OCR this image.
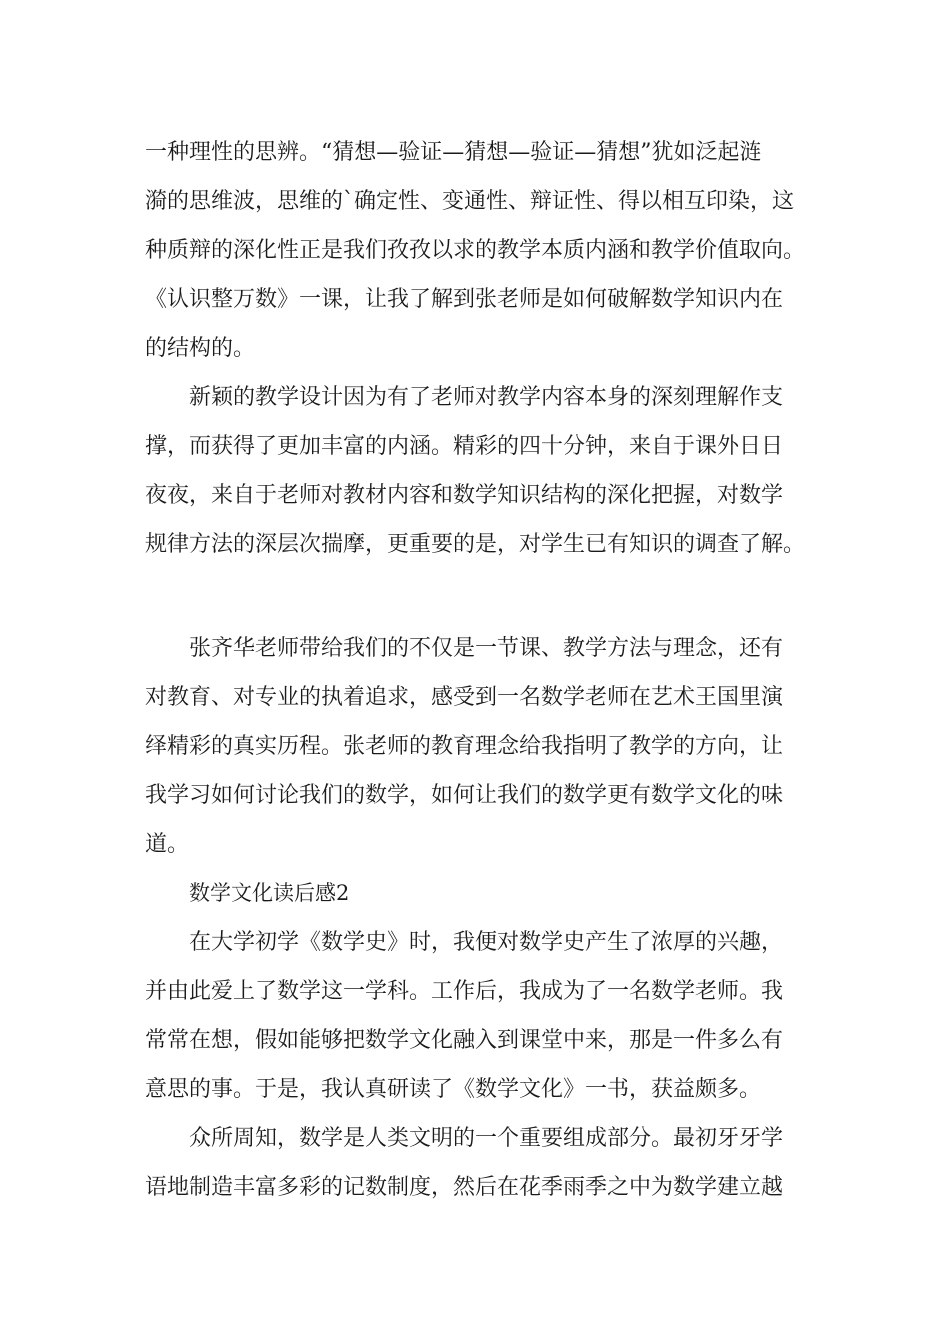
一种理性的思辨。“猜想—验证—猜想—验证—猜想”犹如泛起涟
漪的思维波，思维的`确定性、变通性、辩证性、得以相互印染，这
种质辩的深化性正是我们孜孜以求的教学本质内涵和教学价值取向。
《认识整万数》一课，让我了解到张老师是如何破解数学知识内在
的结构的。
新颖的教学设计因为有了老师对教学内容本身的深刻理解作支
撑，而获得了更加丰富的内涵。精彩的四十分钟，来自于课外日日
夜夜，来自于老师对教材内容和数学知识结构的深化把握，对数学
规律方法的深层次揣摩，更重要的是，对学生已有知识的调查了解。
张齐华老师带给我们的不仅是一节课、教学方法与理念，还有
对教育、对专业的执着追求，感受到一名数学老师在艺术王国里演
绎精彩的真实历程。张老师的教育理念给我指明了教学的方向，让
我学习如何讨论我们的数学，如何让我们的数学更有数学文化的味
道。
数学文化读后感2
在大学初学《数学史》时，我便对数学史产生了浓厚的兴趣，
并由此爱上了数学这一学科。工作后，我成为了一名数学老师。我
常常在想，假如能够把数学文化融入到课堂中来，那是一件多么有
意思的事。于是，我认真研读了《数学文化》一书，获益颇多。
众所周知，数学是人类文明的一个重要组成部分。最初牙牙学
语地制造丰富多彩的记数制度，然后在花季雨季之中为数学建立越
